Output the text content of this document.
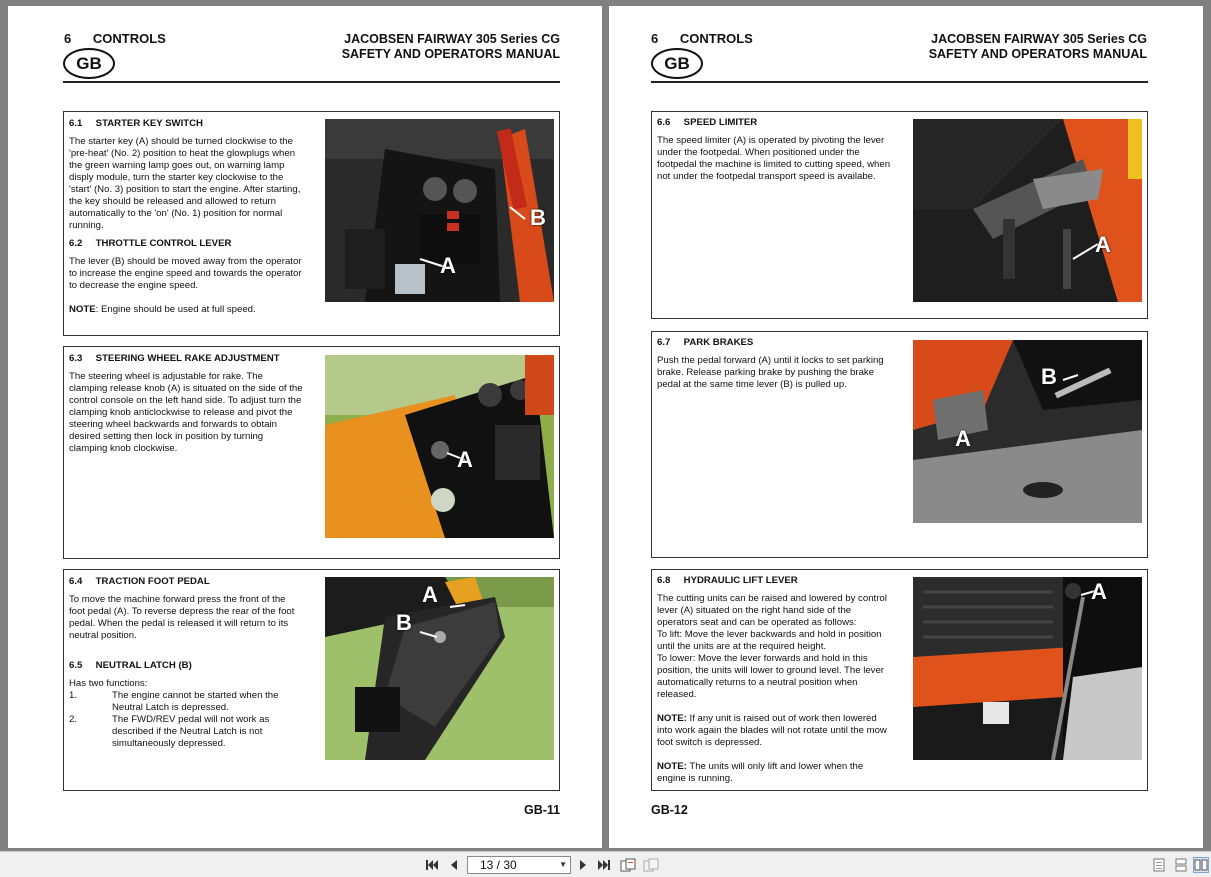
6      CONTROLS
GB
JACOBSEN FAIRWAY 305 Series CG
SAFETY AND OPERATORS MANUAL

6.1     STARTER KEY SWITCH

The starter key (A) should be turned clockwise to the 'pre-heat' (No. 2) position to heat the glowplugs when the green warning lamp goes out, on warning lamp disply module, turn the starter key clockwise to the 'start' (No. 3) position to start the engine. After starting, the key should be released and allowed to return automatically to the 'on' (No. 1) position for normal running.

6.2     THROTTLE CONTROL LEVER

The lever (B) should be moved away from the operator to increase the engine speed and towards the operator to decrease the engine speed.

NOTE: Engine should be used at full speed.

A
B

6.3     STEERING WHEEL RAKE ADJUSTMENT

The steering wheel is adjustable for rake. The clamping release knob (A) is situated on the side of the control console on the left hand side. To adjust turn the clamping knob anticlockwise to release and pivot the steering wheel backwards and forwards to obtain desired setting then lock in position by turning clamping knob clockwise.	A

6.4     TRACTION FOOT PEDAL

To move the machine forward press the front of the foot pedal (A). To reverse depress the rear of the foot pedal. When the pedal is released it will return to its neutral position.

6.5     NEUTRAL LATCH (B)

Has two functions:
1.	The engine cannot be started when the Neutral Latch is depressed.
2.	The FWD/REV pedal will not work as described if the Neutral Latch is not simultaneously depressed.
A
B
GB-11
6      CONTROLS
GB
JACOBSEN FAIRWAY 305 Series CG
SAFETY AND OPERATORS MANUAL

6.6     SPEED LIMITER

The speed limiter (A) is operated by pivoting the lever under the footpedal. When positioned under the footpedal the machine is limited to cutting speed, when not under the footpedal transport speed is availabe.

A

6.7     PARK BRAKES

Push the pedal forward (A) until it locks to set parking brake. Release parking brake by pushing the brake pedal at the same time lever (B) is pulled up.

A
B

6.8     HYDRAULIC LIFT LEVER

The cutting units can be raised and lowered by control lever (A) situated on the right hand side of the operators seat and can be operated as follows:
To lift: Move the lever backwards and hold in position until the units are at the required height.

To lower: Move the lever forwards and hold in this position, the units will lower to ground level. The lever automatically returns to a neutral position when released.

NOTE: If any unit is raised out of work then lowered into work again the blades will not rotate until the mow foot switch is depressed.

NOTE: The units will only lift and lower when the engine is running.

A
GB-12
13 / 30	▼
